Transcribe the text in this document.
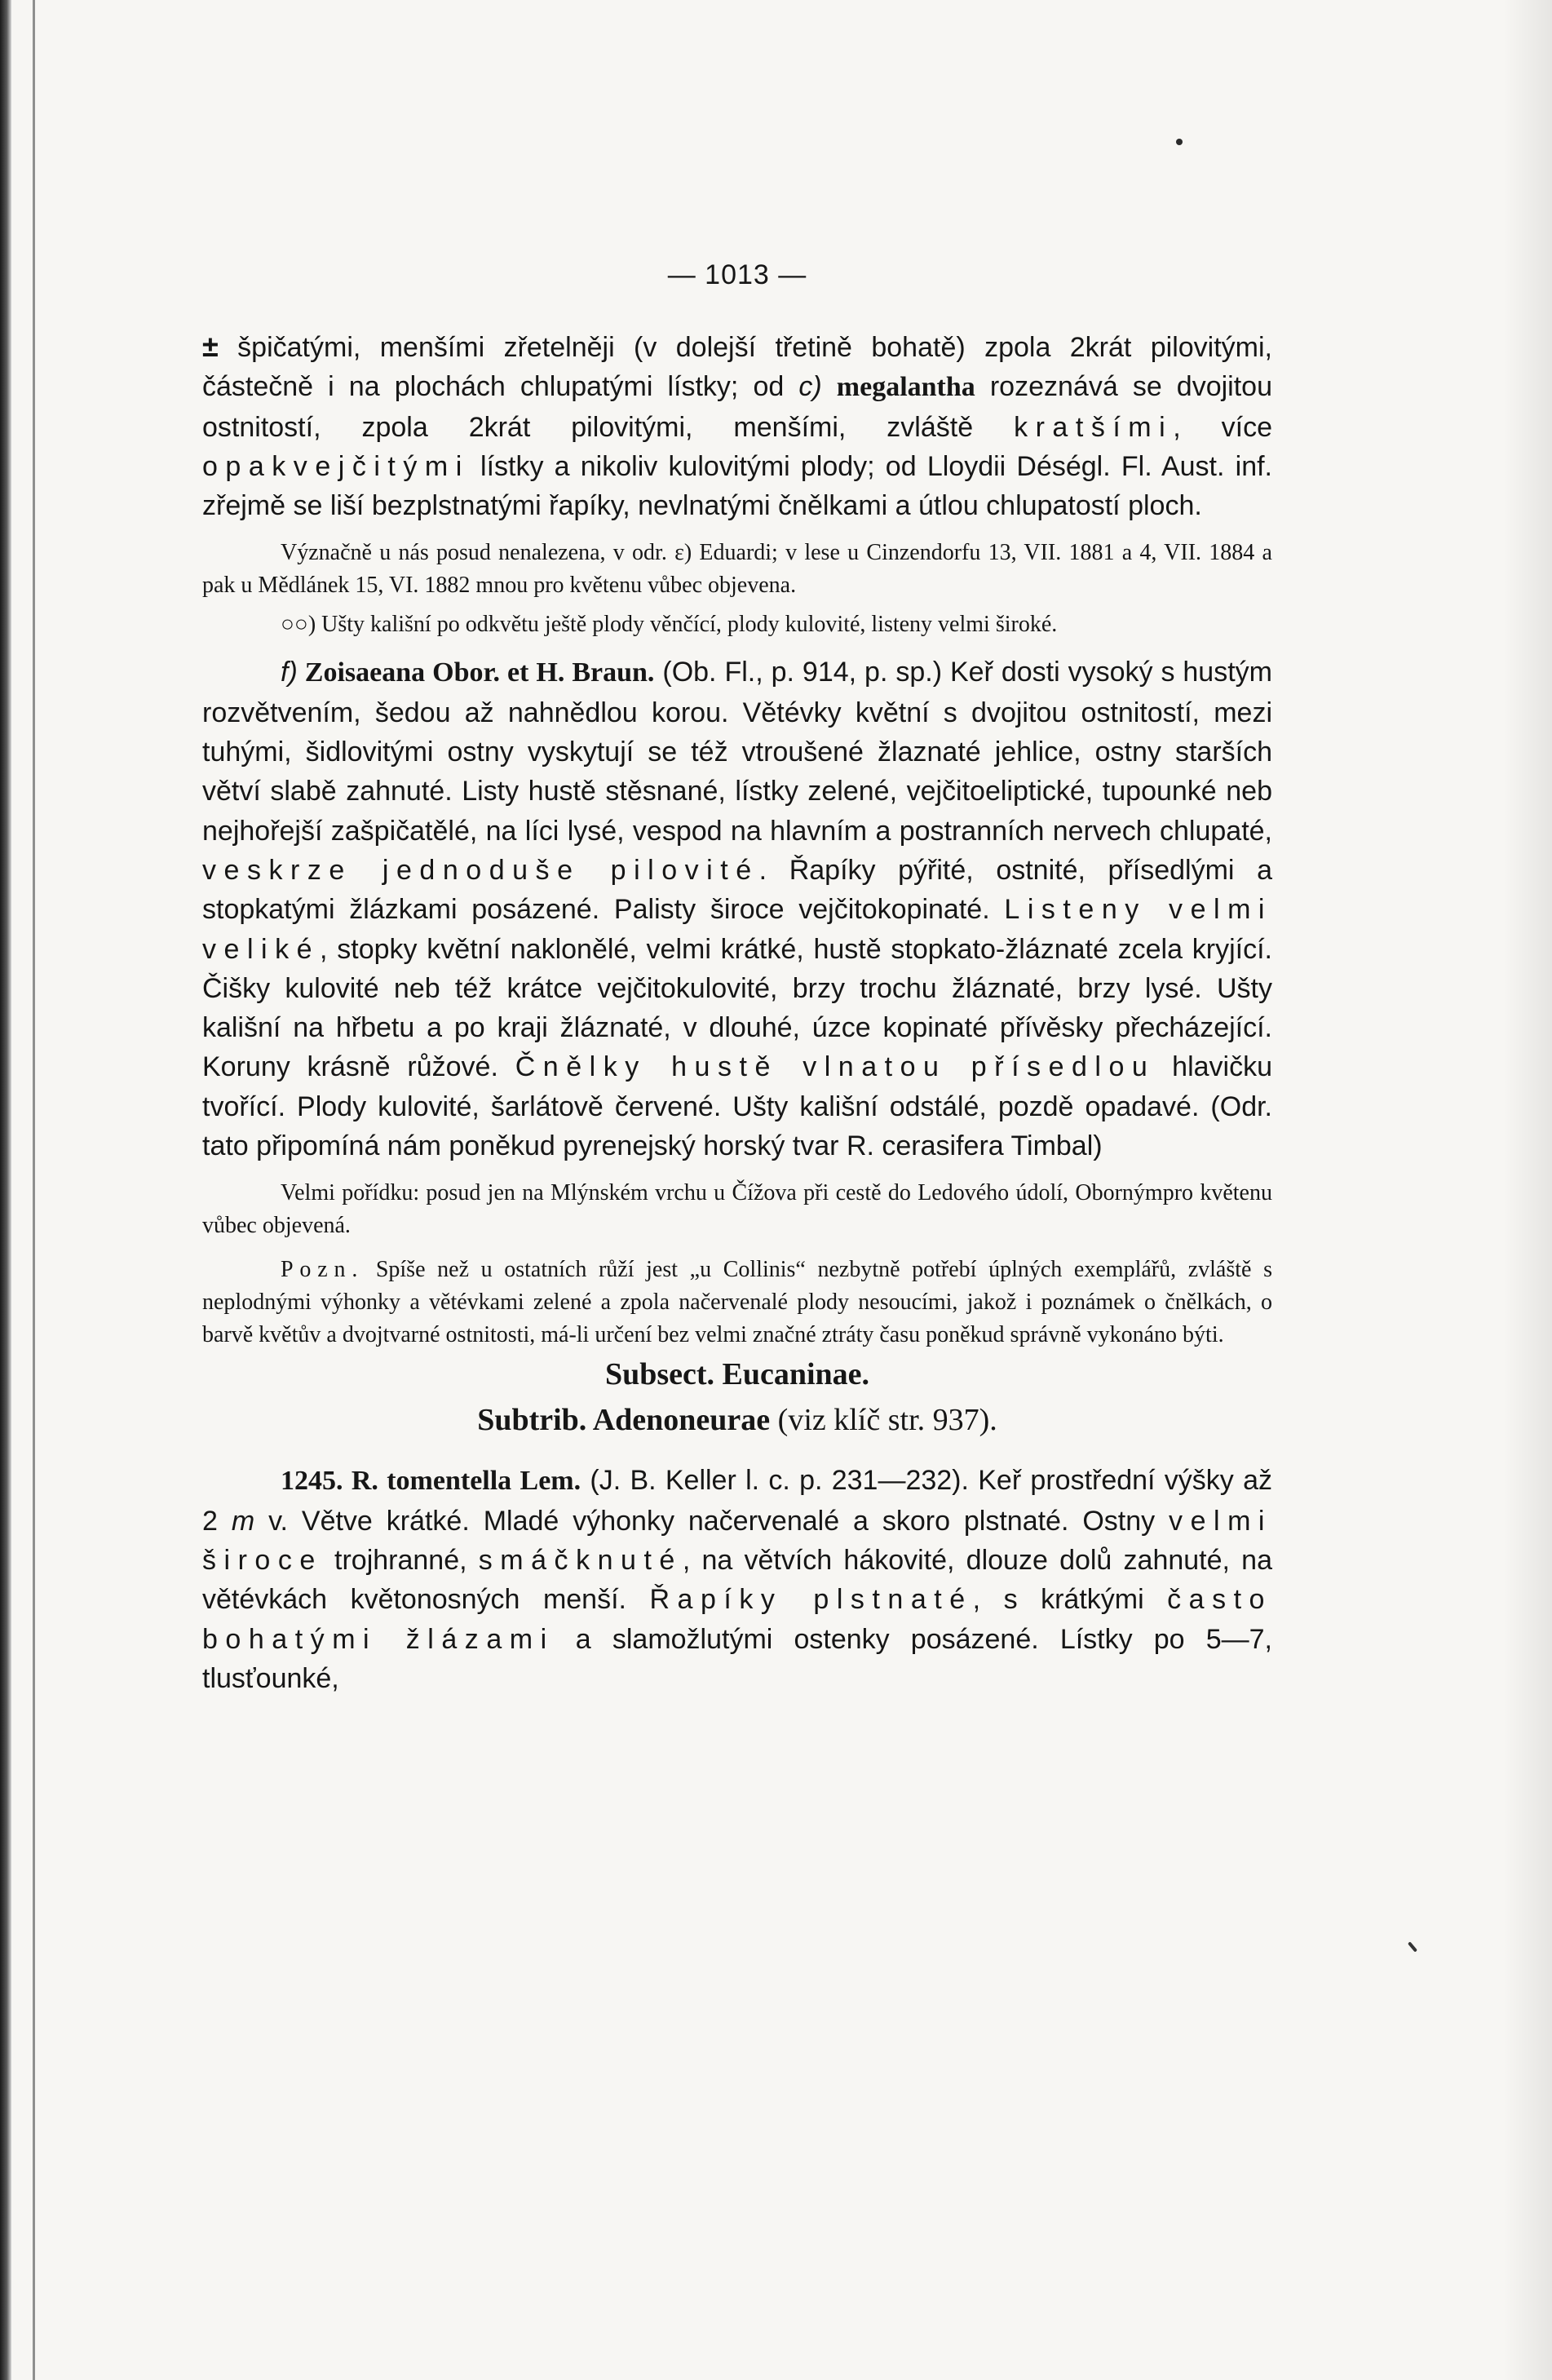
— 1013 —

± špičatými, menšími zřetelněji (v dolejší třetině bohatě) zpola 2krát pilovitými, částečně i na plochách chlupatými lístky; od c) megalantha rozeznává se dvojitou ostnitostí, zpola 2krát pilovitými, menšími, zvláště kratšími, více opakvejčitými lístky a nikoliv kulovitými plody; od Lloydii Déségl. Fl. Aust. inf. zřejmě se liší bezplstnatými řapíky, nevlnatými čnělkami a útlou chlupatostí ploch.

Význačně u nás posud nenalezena, v odr. ε) Eduardi; v lese u Cinzendorfu 13, VII. 1881 a 4, VII. 1884 a pak u Mědlánek 15, VI. 1882 mnou pro květenu vůbec objevena.

○○) Ušty kališní po odkvětu ještě plody věnčící, plody kulovité, listeny velmi široké.

f) Zoisaeana Obor. et H. Braun. (Ob. Fl., p. 914, p. sp.) Keř dosti vysoký s hustým rozvětvením, šedou až nahnědlou korou. Větévky květní s dvojitou ostnitostí, mezi tuhými, šidlovitými ostny vyskytují se též vtroušené žlaznaté jehlice, ostny starších větví slabě zahnuté. Listy hustě stěsnané, lístky zelené, vejčitoeliptické, tupounké neb nejhořejší zašpičatělé, na líci lysé, vespod na hlavním a postranních nervech chlupaté, veskrze jednoduše pilovité. Řapíky pýřité, ostnité, přísedlými a stopkatými žlázkami posázené. Palisty široce vejčitokopinaté. Listeny velmi veliké, stopky květní naklonělé, velmi krátké, hustě stopkato-žláznaté zcela kryjící. Čišky kulovité neb též krátce vejčitokulovité, brzy trochu žláznaté, brzy lysé. Ušty kališní na hřbetu a po kraji žláznaté, v dlouhé, úzce kopinaté přívěsky přecházející. Koruny krásně růžové. Čnělky hustě vlnatou přísedlou hlavičku tvořící. Plody kulovité, šarlátově červené. Ušty kališní odstálé, pozdě opadavé. (Odr. tato připomíná nám poněkud pyrenejský horský tvar R. cerasifera Timbal)

Velmi pořídku: posud jen na Mlýnském vrchu u Čížova při cestě do Ledového údolí, Obornýmpro květenu vůbec objevená.

Pozn. Spíše než u ostatních růží jest „u Collinis“ nezbytně potřebí úplných exemplářů, zvláště s neplodnými výhonky a větévkami zelené a zpola načervenalé plody nesoucími, jakož i poznámek o čnělkách, o barvě květův a dvojtvarné ostnitosti, má-li určení bez velmi značné ztráty času poněkud správně vykonáno býti.

Subsect. Eucaninae.

Subtrib. Adenoneurae (viz klíč str. 937).

1245. R. tomentella Lem. (J. B. Keller l. c. p. 231—232). Keř prostřední výšky až 2 m v. Větve krátké. Mladé výhonky načervenalé a skoro plstnaté. Ostny velmi široce trojhranné, smáčknuté, na větvích hákovité, dlouze dolů zahnuté, na větévkách květonosných menší. Řapíky plstnaté, s krátkými často bohatými žlázami a slamožlutými ostenky posázené. Lístky po 5—7, tlusťounké,
